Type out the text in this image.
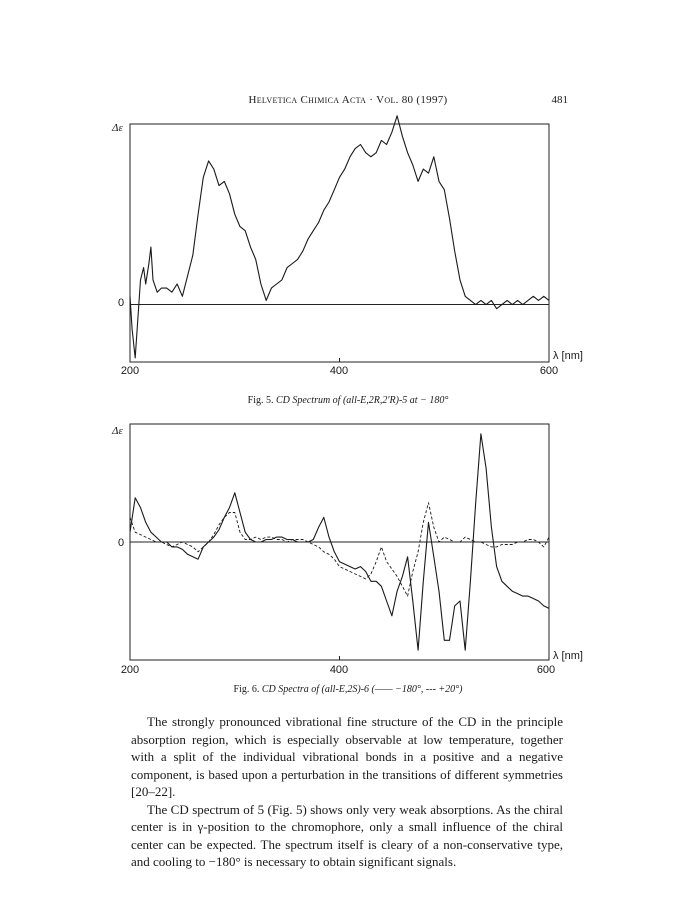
Helvetica Chimica Acta · Vol. 80 (1997)	481
Δε
0
λ [nm]
200	400	600
Fig. 5. CD Spectrum of (all-E,2R,2'R)-5 at − 180°
Δε
0
λ [nm]
200	400	600
Fig. 6. CD Spectra of (all-E,2S)-6 (—— −180°, --- +20°)

The strongly pronounced vibrational fine structure of the CD in the principle absorption region, which is especially observable at low temperature, together with a split of the individual vibrational bonds in a positive and a negative component, is based upon a perturbation in the transitions of different symmetries [20–22].

The CD spectrum of 5 (Fig. 5) shows only very weak absorptions. As the chiral center is in γ-position to the chromophore, only a small influence of the chiral center can be expected. The spectrum itself is cleary of a non-conservative type, and cooling to −180° is necessary to obtain significant signals.
